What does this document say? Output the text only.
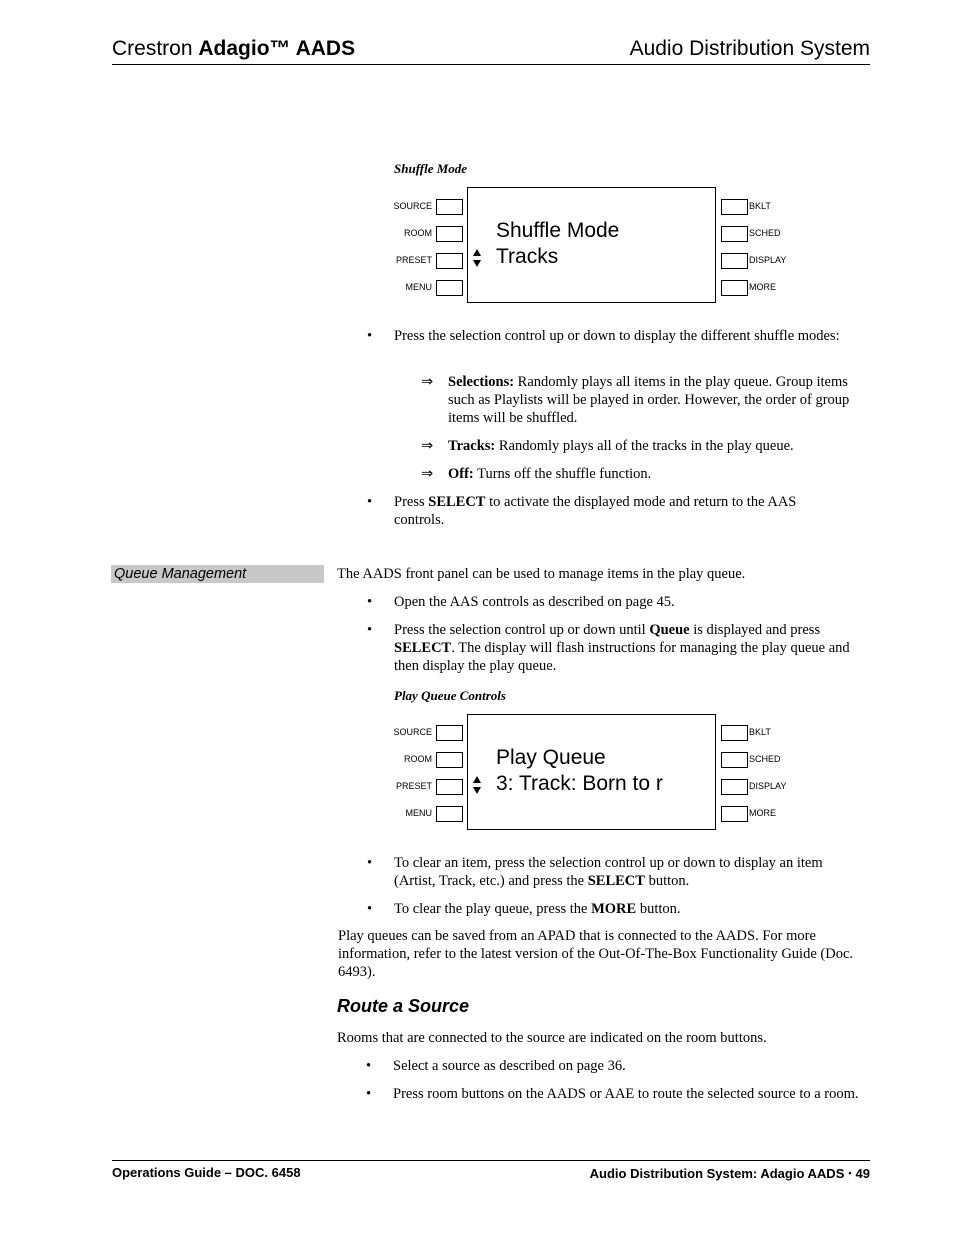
Crestron Adagio™ AADS	Audio Distribution System
Shuffle Mode
SOURCE
ROOM
PRESET
MENU
Shuffle Mode
Tracks
BKLT
SCHED
DISPLAY
MORE
• Press the selection control up or down to display the different shuffle modes:
⇒ Selections: Randomly plays all items in the play queue. Group items such as Playlists will be played in order. However, the order of group items will be shuffled.
⇒ Tracks: Randomly plays all of the tracks in the play queue.
⇒ Off: Turns off the shuffle function.
• Press SELECT to activate the displayed mode and return to the AAS controls.
Queue Management	The AADS front panel can be used to manage items in the play queue.
• Open the AAS controls as described on page 45.
• Press the selection control up or down until Queue is displayed and press SELECT. The display will flash instructions for managing the play queue and then display the play queue.
Play Queue Controls
SOURCE
ROOM
PRESET
MENU
Play Queue
3: Track: Born to r
BKLT
SCHED
DISPLAY
MORE
• To clear an item, press the selection control up or down to display an item (Artist, Track, etc.) and press the SELECT button.
• To clear the play queue, press the MORE button.
Play queues can be saved from an APAD that is connected to the AADS. For more information, refer to the latest version of the Out-Of-The-Box Functionality Guide (Doc. 6493).
Route a Source
Rooms that are connected to the source are indicated on the room buttons.
• Select a source as described on page 36.
• Press room buttons on the AADS or AAE to route the selected source to a room.
Operations Guide – DOC. 6458	Audio Distribution System: Adagio AADS • 49
